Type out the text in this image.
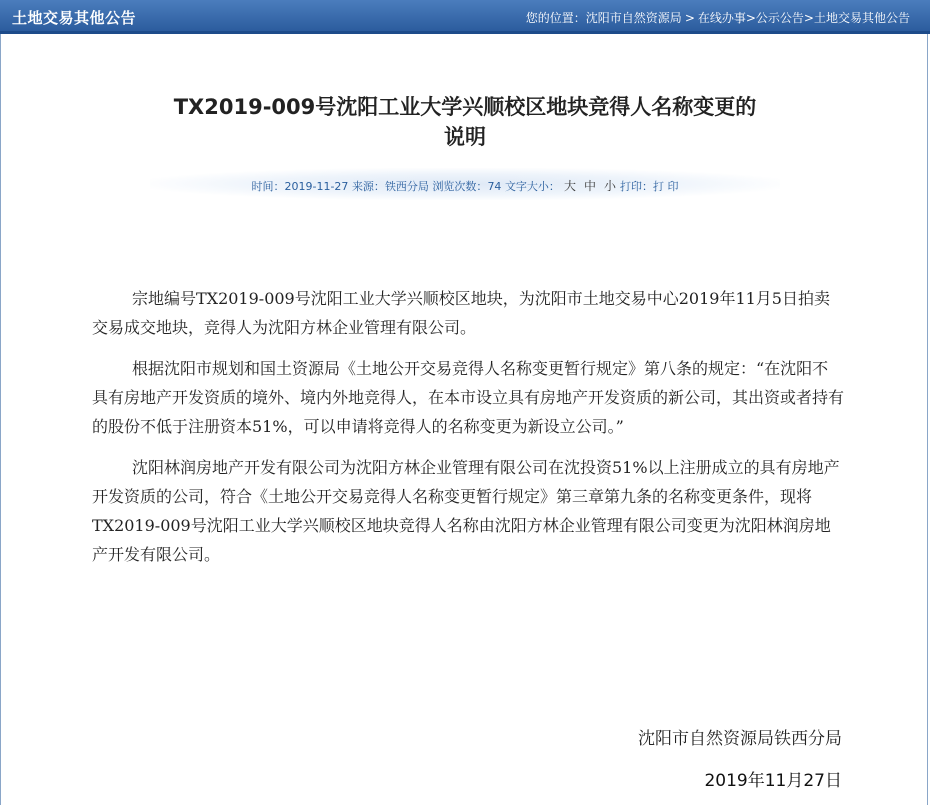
土地交易其他公告	您的位置：沈阳市自然资源局 > 在线办事>公示公告>土地交易其他公告
TX2019-009号沈阳工业大学兴顺校区地块竞得人名称变更的
说明
时间：2019-11-27 来源：铁西分局 浏览次数：74 文字大小： 大 中 小 打印：打 印

宗地编号TX2019-009号沈阳工业大学兴顺校区地块，为沈阳市土地交易中心2019年11月5日拍卖交易成交地块，竞得人为沈阳方林企业管理有限公司。

根据沈阳市规划和国土资源局《土地公开交易竞得人名称变更暂行规定》第八条的规定：“在沈阳不具有房地产开发资质的境外、境内外地竞得人，在本市设立具有房地产开发资质的新公司，其出资或者持有的股份不低于注册资本51%，可以申请将竞得人的名称变更为新设立公司。”

沈阳林润房地产开发有限公司为沈阳方林企业管理有限公司在沈投资51%以上注册成立的具有房地产开发资质的公司，符合《土地公开交易竞得人名称变更暂行规定》第三章第九条的名称变更条件，现将TX2019-009号沈阳工业大学兴顺校区地块竞得人名称由沈阳方林企业管理有限公司变更为沈阳林润房地产开发有限公司。

沈阳市自然资源局铁西分局
2019年11月27日
